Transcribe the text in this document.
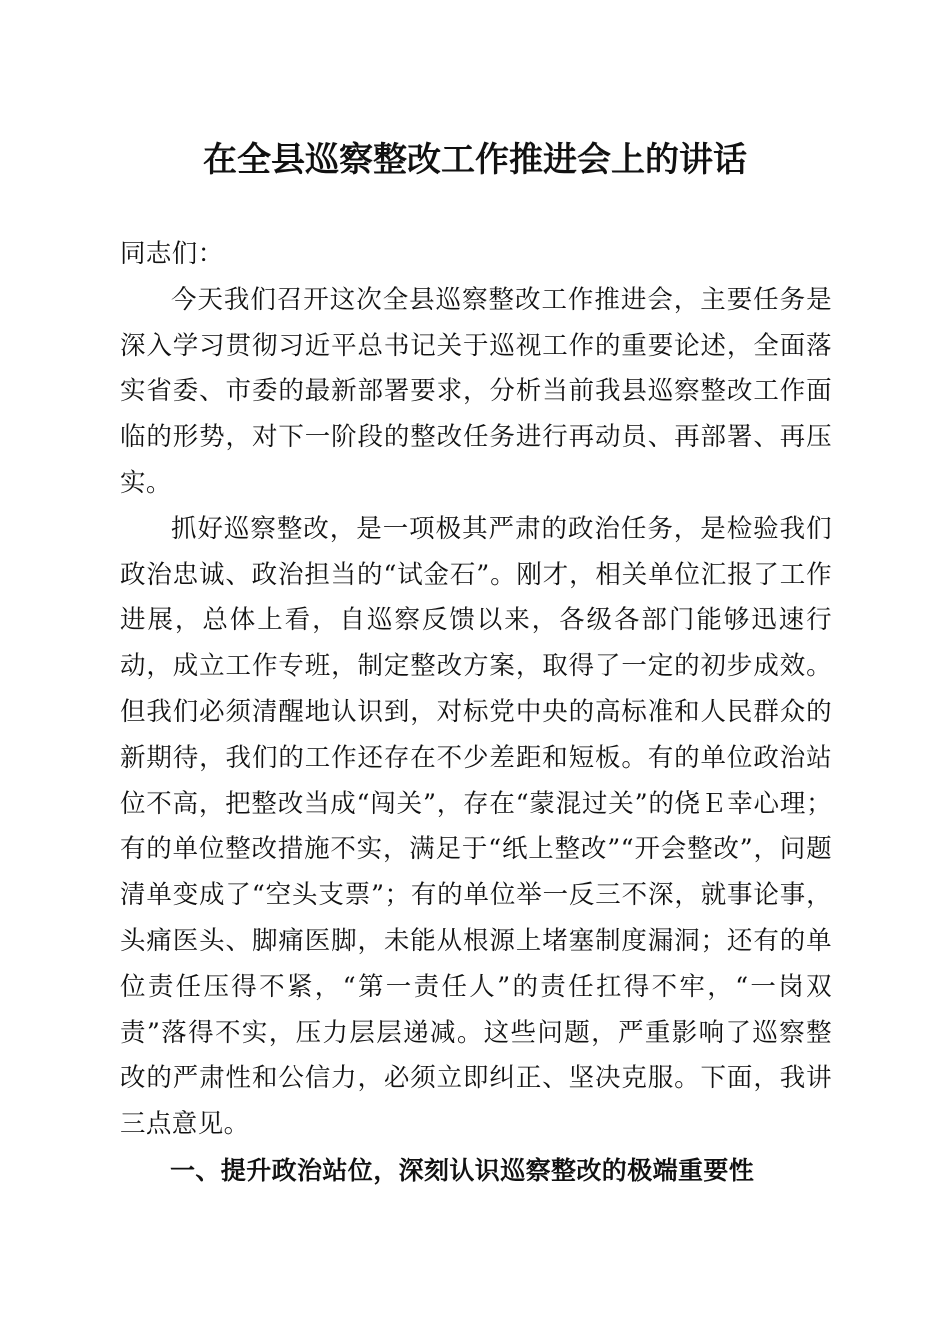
在全县巡察整改工作推进会上的讲话

同志们：

今天我们召开这次全县巡察整改工作推进会，主要任务是深入学习贯彻习近平总书记关于巡视工作的重要论述，全面落实省委、市委的最新部署要求，分析当前我县巡察整改工作面临的形势，对下一阶段的整改任务进行再动员、再部署、再压实。

抓好巡察整改，是一项极其严肃的政治任务，是检验我们政治忠诚、政治担当的“试金石”。刚才，相关单位汇报了工作进展，总体上看，自巡察反馈以来，各级各部门能够迅速行动，成立工作专班，制定整改方案，取得了一定的初步成效。但我们必须清醒地认识到，对标党中央的高标准和人民群众的新期待，我们的工作还存在不少差距和短板。有的单位政治站位不高，把整改当成“闯关”，存在“蒙混过关”的侥Ｅ幸心理；有的单位整改措施不实，满足于“纸上整改”“开会整改”，问题清单变成了“空头支票”；有的单位举一反三不深，就事论事，头痛医头、脚痛医脚，未能从根源上堵塞制度漏洞；还有的单位责任压得不紧，“第一责任人”的责任扛得不牢，“一岗双责”落得不实，压力层层递减。这些问题，严重影响了巡察整改的严肃性和公信力，必须立即纠正、坚决克服。下面，我讲三点意见。

一、提升政治站位，深刻认识巡察整改的极端重要性
